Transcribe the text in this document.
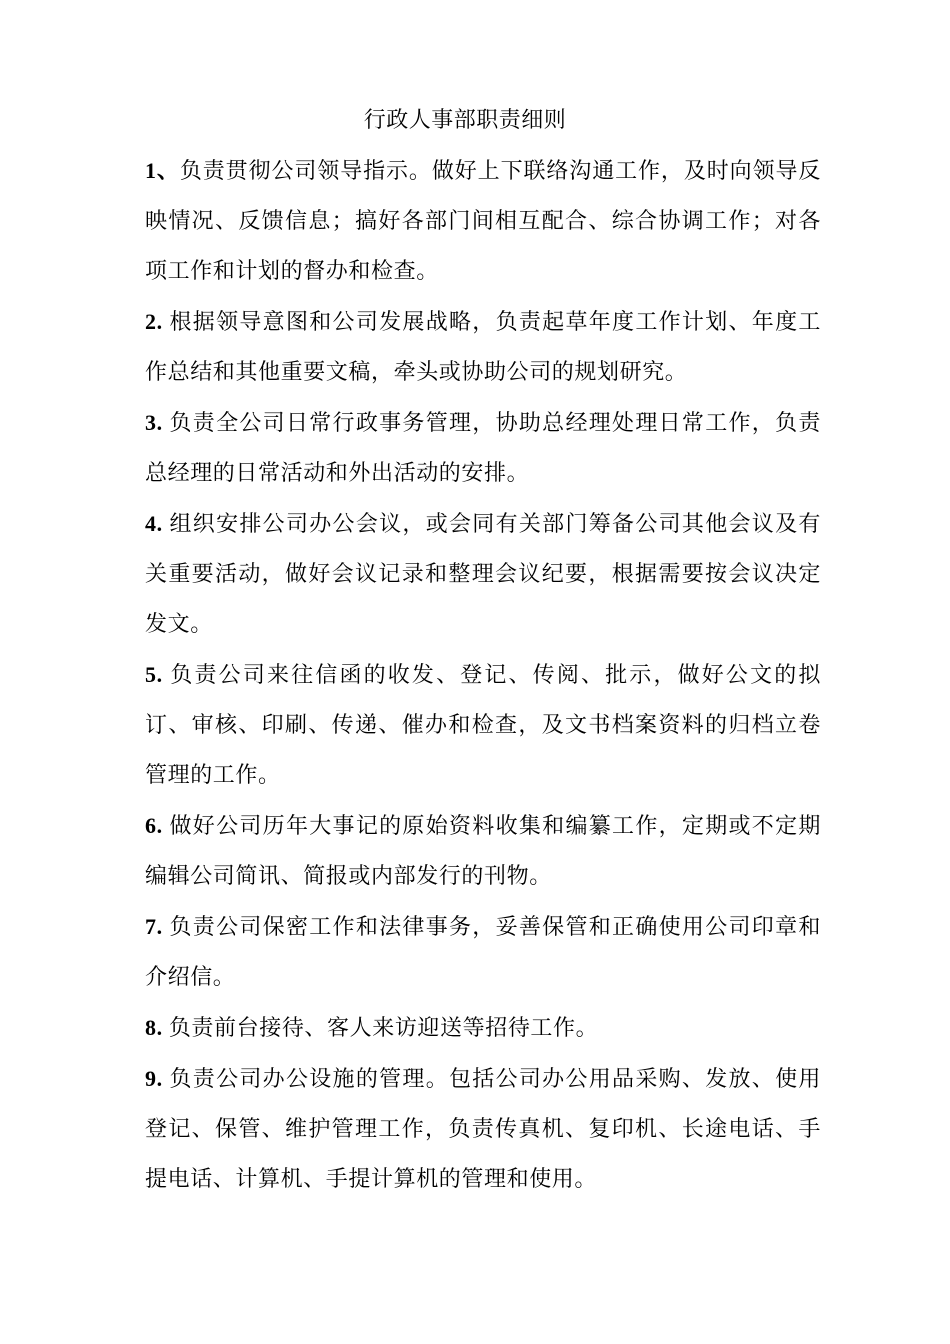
行政人事部职责细则

1、负责贯彻公司领导指示。做好上下联络沟通工作，及时向领导反映情况、反馈信息；搞好各部门间相互配合、综合协调工作；对各项工作和计划的督办和检查。

2. 根据领导意图和公司发展战略，负责起草年度工作计划、年度工作总结和其他重要文稿，牵头或协助公司的规划研究。

3. 负责全公司日常行政事务管理，协助总经理处理日常工作，负责总经理的日常活动和外出活动的安排。

4. 组织安排公司办公会议，或会同有关部门筹备公司其他会议及有关重要活动，做好会议记录和整理会议纪要，根据需要按会议决定发文。

5. 负责公司来往信函的收发、登记、传阅、批示，做好公文的拟订、审核、印刷、传递、催办和检查，及文书档案资料的归档立卷管理的工作。

6. 做好公司历年大事记的原始资料收集和编纂工作，定期或不定期编辑公司简讯、简报或内部发行的刊物。

7. 负责公司保密工作和法律事务，妥善保管和正确使用公司印章和介绍信。

8. 负责前台接待、客人来访迎送等招待工作。

9. 负责公司办公设施的管理。包括公司办公用品采购、发放、使用登记、保管、维护管理工作，负责传真机、复印机、长途电话、手提电话、计算机、手提计算机的管理和使用。
